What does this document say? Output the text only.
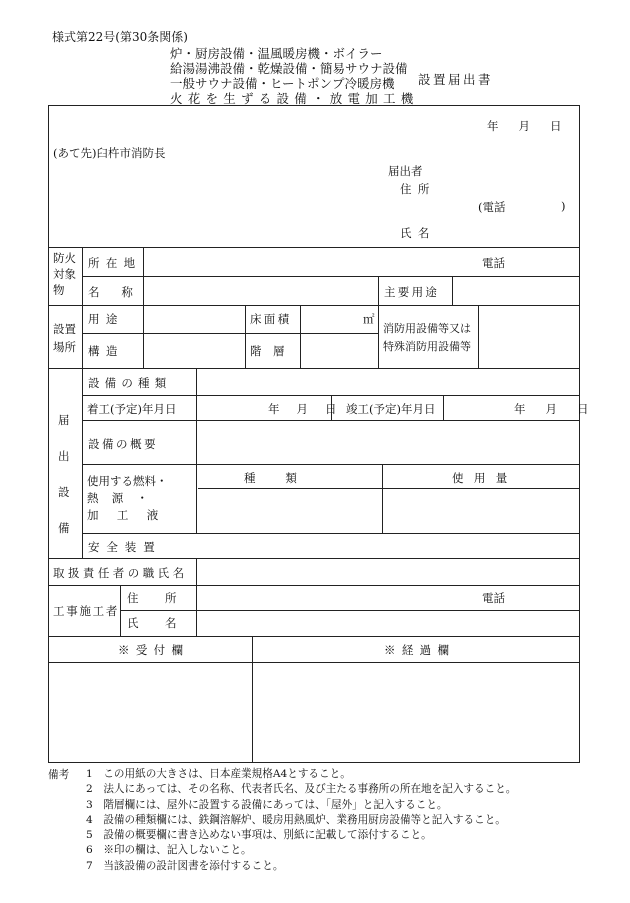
様式第22号(第30条関係)
炉・厨房設備・温風暖房機・ボイラー
給湯湯沸設備・乾燥設備・簡易サウナ設備
一般サウナ設備・ヒートポンプ冷暖房機
火花を生ずる設備・放電加工機
設置届出書
年 月 日
(あて先)臼杵市消防長
届出者
住所
(電話	)
氏名
防火
対象
物
所在地	電話
名称	主要用途
設置
場所
用途	床面積	㎡
構造	階層
消防用設備等又は
特殊消防用設備等
届
出
設
備
設備の種類
着工(予定)年月日	年 月 日 竣工(予定)年月日	年 月 日
設備の概要
使用する燃料・
熱源・
加工液
種類	使用量
安全装置
取扱責任者の職氏名
工事施工者
住所	電話
氏名
※受付欄	※経過欄
備考 1　 この用紙の大きさは、日本産業規格A4とすること。
2　 法人にあっては、その名称、代表者氏名、及び主たる事務所の所在地を記入すること。
3　 階層欄には、屋外に設置する設備にあっては、「屋外」と記入すること。
4　 設備の種類欄には、鉄鋼溶解炉、暖房用熱風炉、業務用厨房設備等と記入すること。
5　 設備の概要欄に書き込めない事項は、別紙に記載して添付すること。
6　 ※印の欄は、記入しないこと。
7　 当該設備の設計図書を添付すること。
